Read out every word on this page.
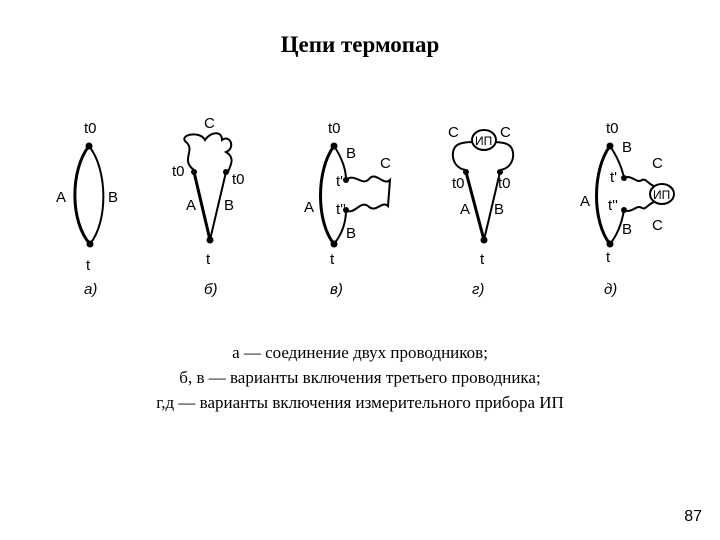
Цепи термопар
t0
A	B
t
а)
C
t0	t0
A B
t
б)
t0
B
C
t'
A t''
B
t
в)
C	C
ИП
t0 t0
A B
t
г)
t0
B
C
t'
ИП
A t''
C
B
t
д)
а — соединение двух проводников;
б, в — варианты включения третьего проводника;
г,д — варианты включения измерительного прибора ИП
87
